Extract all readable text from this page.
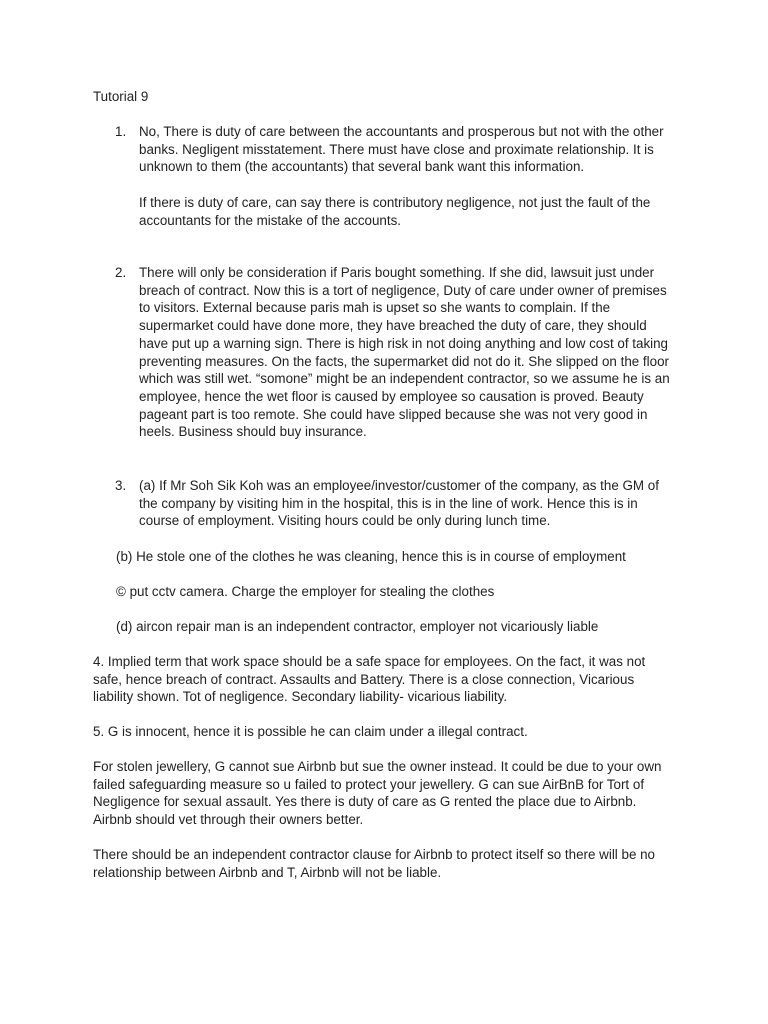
Tutorial 9
1. No, There is duty of care between the accountants and prosperous but not with the other banks. Negligent misstatement. There must have close and proximate relationship. It is unknown to them (the accountants) that several bank want this information.

If there is duty of care, can say there is contributory negligence, not just the fault of the accountants for the mistake of the accounts.

2. There will only be consideration if Paris bought something. If she did, lawsuit just under breach of contract. Now this is a tort of negligence, Duty of care under owner of premises to visitors. External because paris mah is upset so she wants to complain. If the supermarket could have done more, they have breached the duty of care, they should have put up a warning sign. There is high risk in not doing anything and low cost of taking preventing measures. On the facts, the supermarket did not do it. She slipped on the floor which was still wet. “somone” might be an independent contractor, so we assume he is an employee, hence the wet floor is caused by employee so causation is proved. Beauty pageant part is too remote. She could have slipped because she was not very good in heels. Business should buy insurance.

3. (a) If Mr Soh Sik Koh was an employee/investor/customer of the company, as the GM of the company by visiting him in the hospital, this is in the line of work. Hence this is in course of employment. Visiting hours could be only during lunch time.

(b) He stole one of the clothes he was cleaning, hence this is in course of employment

© put cctv camera. Charge the employer for stealing the clothes

(d) aircon repair man is an independent contractor, employer not vicariously liable

4. Implied term that work space should be a safe space for employees. On the fact, it was not safe, hence breach of contract. Assaults and Battery. There is a close connection, Vicarious liability shown. Tot of negligence. Secondary liability- vicarious liability.

5. G is innocent, hence it is possible he can claim under a illegal contract.

For stolen jewellery, G cannot sue Airbnb but sue the owner instead. It could be due to your own failed safeguarding measure so u failed to protect your jewellery. G can sue AirBnB for Tort of Negligence for sexual assault. Yes there is duty of care as G rented the place due to Airbnb. Airbnb should vet through their owners better.

There should be an independent contractor clause for Airbnb to protect itself so there will be no relationship between Airbnb and T, Airbnb will not be liable.
